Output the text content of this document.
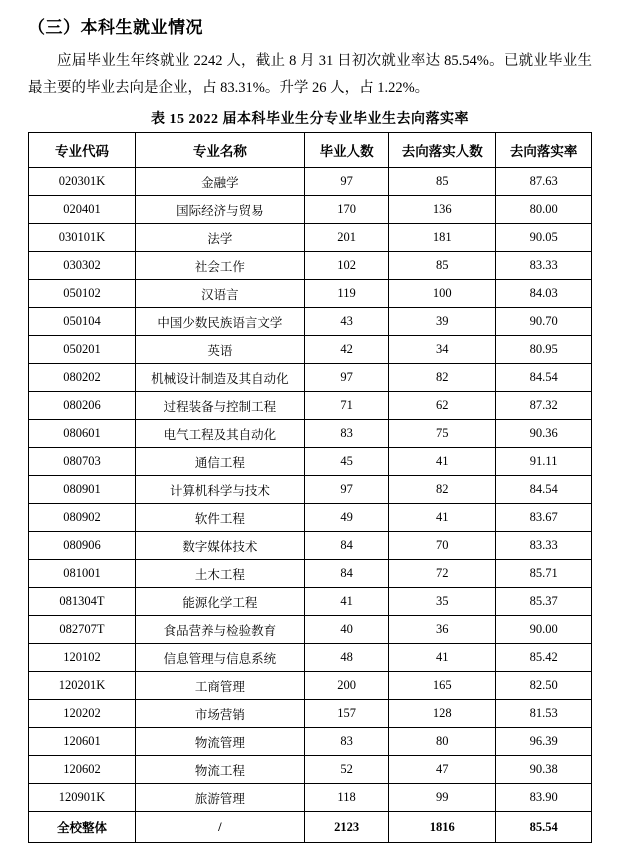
（三）本科生就业情况

应届毕业生年终就业 2242 人，截止 8 月 31 日初次就业率达 85.54%。已就业毕业生最主要的毕业去向是企业，占 83.31%。升学 26 人，占 1.22%。

表 15 2022 届本科毕业生分专业毕业生去向落实率
专业代码	专业名称	毕业人数	去向落实人数	去向落实率
020301K	金融学	97	85	87.63
020401	国际经济与贸易	170	136	80.00
030101K	法学	201	181	90.05
030302	社会工作	102	85	83.33
050102	汉语言	119	100	84.03
050104	中国少数民族语言文学	43	39	90.70
050201	英语	42	34	80.95
080202	机械设计制造及其自动化	97	82	84.54
080206	过程装备与控制工程	71	62	87.32
080601	电气工程及其自动化	83	75	90.36
080703	通信工程	45	41	91.11
080901	计算机科学与技术	97	82	84.54
080902	软件工程	49	41	83.67
080906	数字媒体技术	84	70	83.33
081001	土木工程	84	72	85.71
081304T	能源化学工程	41	35	85.37
082707T	食品营养与检验教育	40	36	90.00
120102	信息管理与信息系统	48	41	85.42
120201K	工商管理	200	165	82.50
120202	市场营销	157	128	81.53
120601	物流管理	83	80	96.39
120602	物流工程	52	47	90.38
120901K	旅游管理	118	99	83.90
全校整体	/	2123	1816	85.54
